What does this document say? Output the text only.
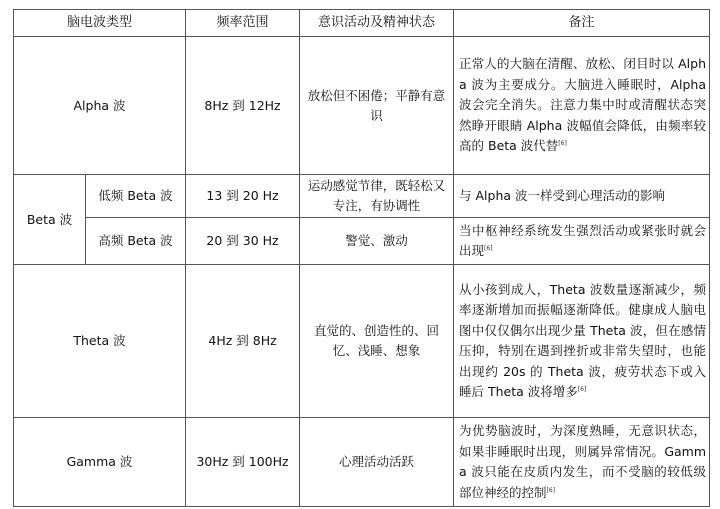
脑电波类型		频率范围	意识活动及精神状态	备注
Alpha 波		8Hz 到 12Hz	放松但不困倦；平静有意识	正常人的大脑在清醒、放松、闭目时以 Alpha 波为主要成分。大脑进入睡眠时，Alpha 波会完全消失。注意力集中时或清醒状态突然睁开眼睛 Alpha 波幅值会降低，由频率较高的 Beta 波代替[6]
Beta 波	低频 Beta 波	13 到 20 Hz	运动感觉节律，既轻松又专注，有协调性	与 Alpha 波一样受到心理活动的影响
	高频 Beta 波	20 到 30 Hz	警觉、激动	当中枢神经系统发生强烈活动或紧张时就会出现[6]
Theta 波		4Hz 到 8Hz	直觉的、创造性的、回忆、浅睡、想象	从小孩到成人，Theta 波数量逐渐减少，频率逐渐增加而振幅逐渐降低。健康成人脑电图中仅仅偶尔出现少量 Theta 波，但在感情压抑，特别在遇到挫折或非常失望时，也能出现约 20s 的 Theta 波，疲劳状态下或入睡后 Theta 波将增多[6]
Gamma 波		30Hz 到 100Hz	心理活动活跃	为优势脑波时，为深度熟睡，无意识状态，如果非睡眠时出现，则属异常情况。Gamma 波只能在皮质内发生，而不受脑的较低级部位神经的控制[6]
